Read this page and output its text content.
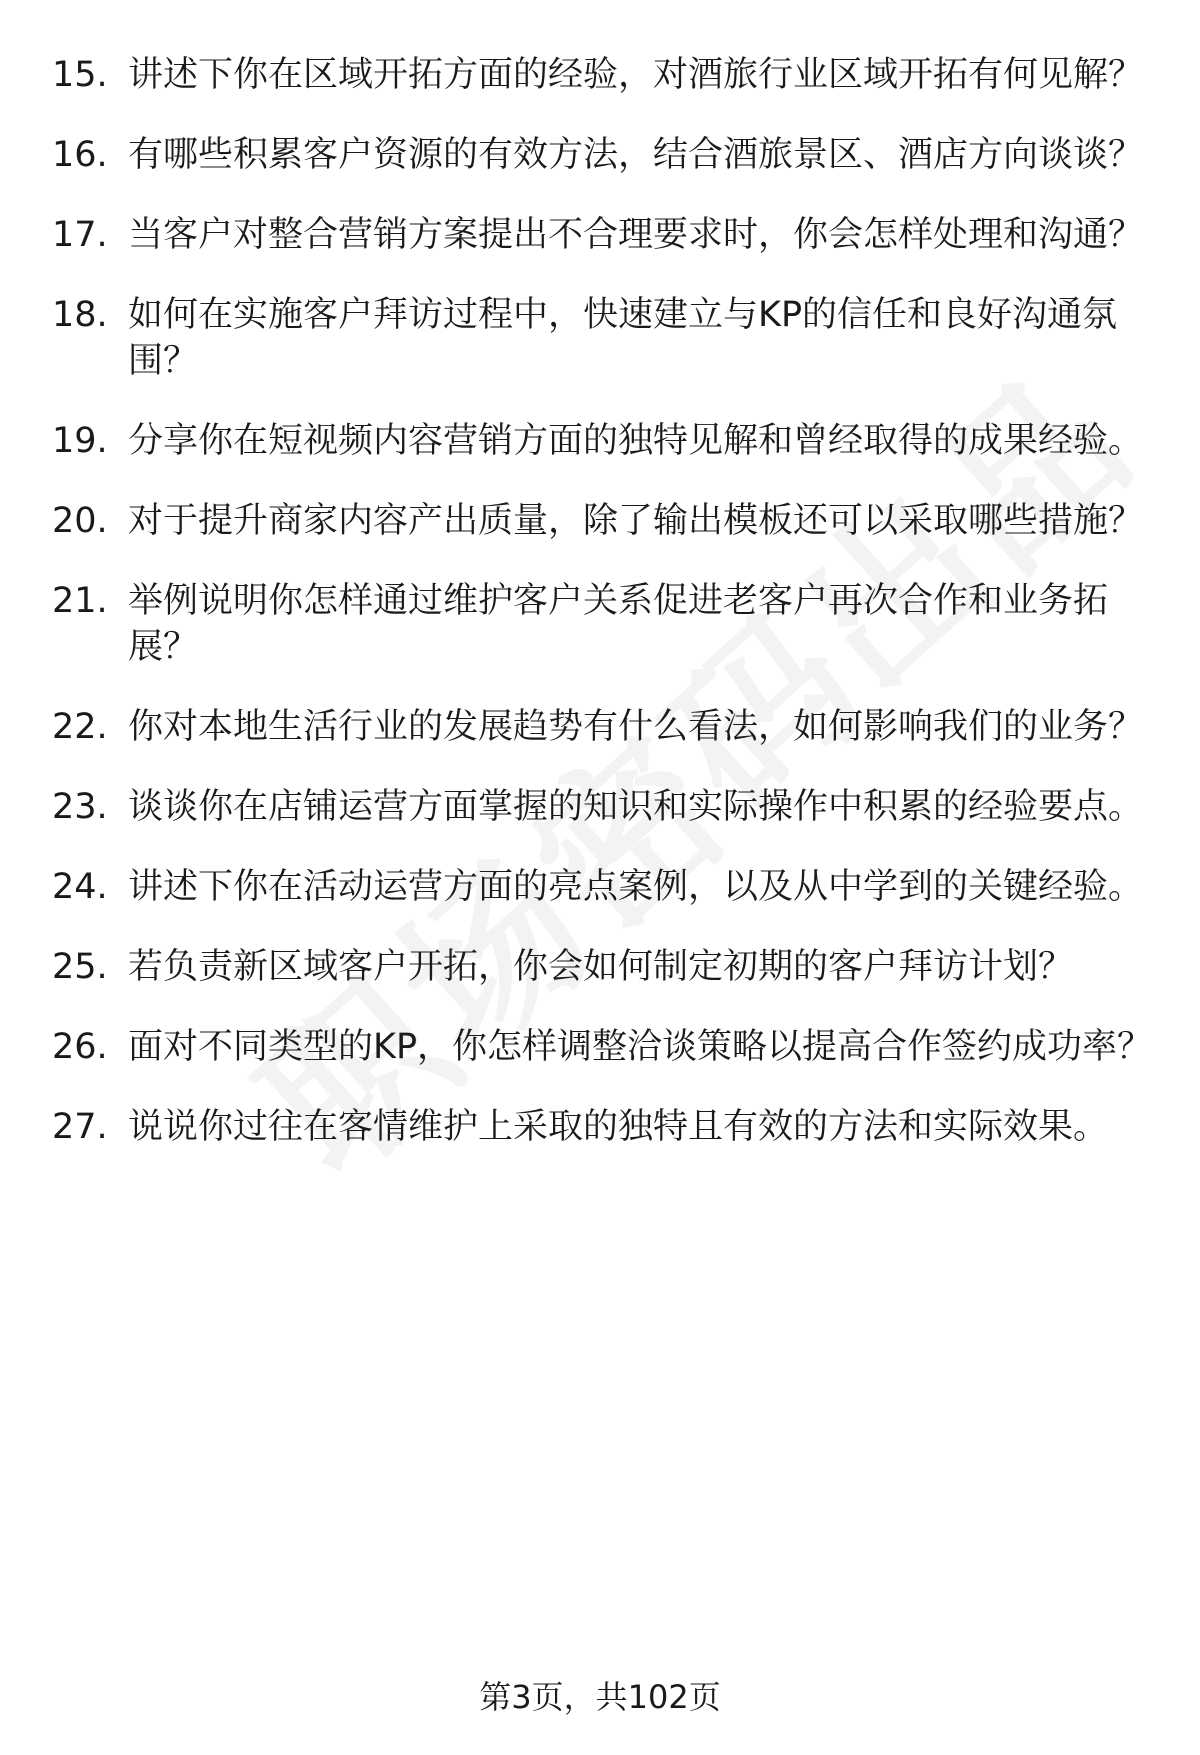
15. 讲述下你在区域开拓方面的经验，对酒旅行业区域开拓有何见解？
16. 有哪些积累客户资源的有效方法，结合酒旅景区、酒店方向谈谈？
17. 当客户对整合营销方案提出不合理要求时，你会怎样处理和沟通？
18. 如何在实施客户拜访过程中，快速建立与KP的信任和良好沟通氛围？
19. 分享你在短视频内容营销方面的独特见解和曾经取得的成果经验。
20. 对于提升商家内容产出质量，除了输出模板还可以采取哪些措施？
21. 举例说明你怎样通过维护客户关系促进老客户再次合作和业务拓展？
22. 你对本地生活行业的发展趋势有什么看法，如何影响我们的业务？
23. 谈谈你在店铺运营方面掌握的知识和实际操作中积累的经验要点。
24. 讲述下你在活动运营方面的亮点案例，以及从中学到的关键经验。
25. 若负责新区域客户开拓，你会如何制定初期的客户拜访计划？
26. 面对不同类型的KP，你怎样调整洽谈策略以提高合作签约成功率？
27. 说说你过往在客情维护上采取的独特且有效的方法和实际效果。
第3页，共102页
